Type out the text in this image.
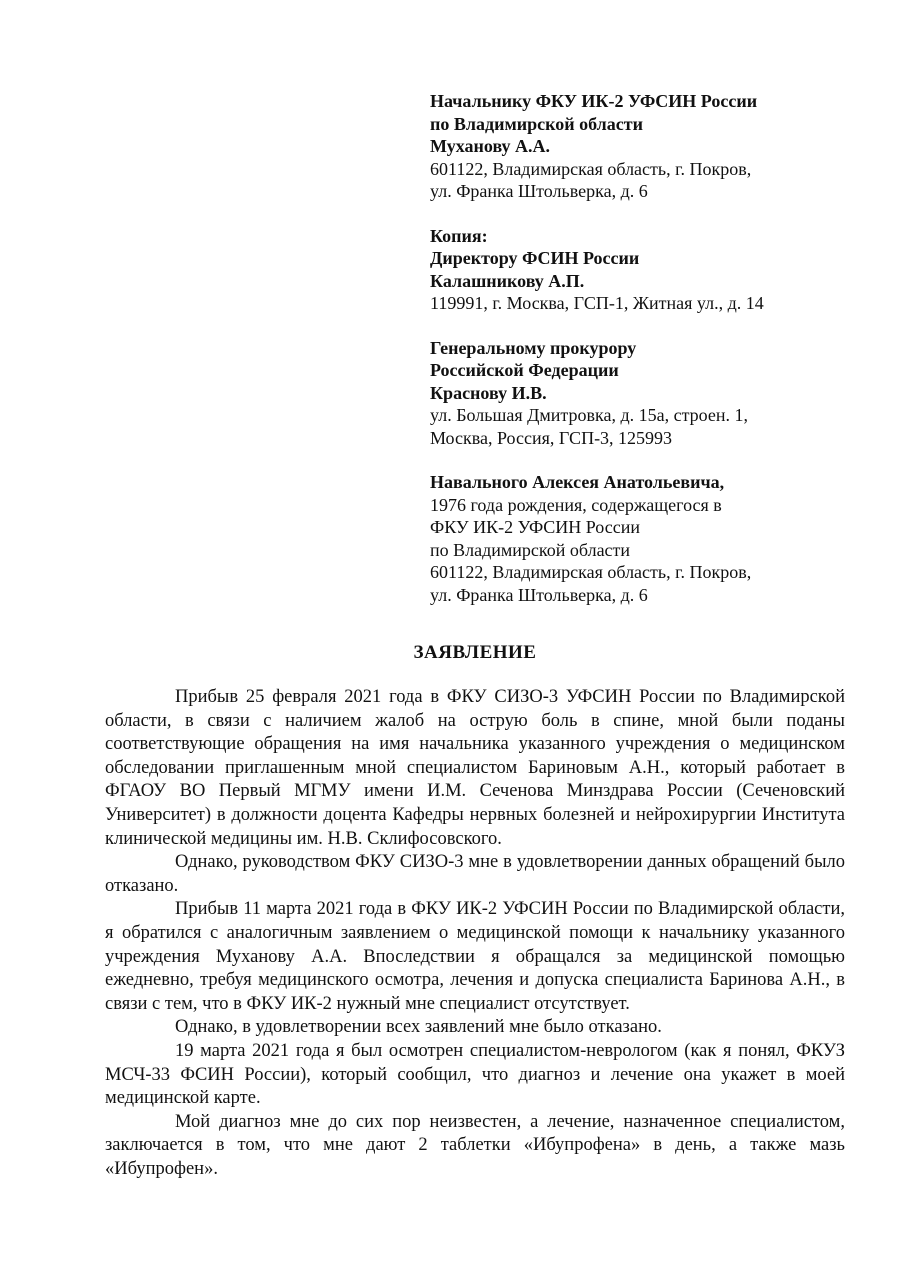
Начальнику ФКУ ИК-2 УФСИН России
по Владимирской области
Муханову А.А.
601122, Владимирская область, г. Покров,
ул. Франка Штольверка, д. 6
Копия:
Директору ФСИН России
Калашникову А.П.
119991, г. Москва, ГСП-1, Житная ул., д. 14
Генеральному прокурору
Российской Федерации
Краснову И.В.
ул. Большая Дмитровка, д. 15а, строен. 1,
Москва, Россия, ГСП-3, 125993
Навального Алексея Анатольевича,
1976 года рождения, содержащегося в
ФКУ ИК-2 УФСИН России
по Владимирской области
601122, Владимирская область, г. Покров,
ул. Франка Штольверка, д. 6
ЗАЯВЛЕНИЕ

Прибыв 25 февраля 2021 года в ФКУ СИЗО-3 УФСИН России по Владимирской области, в связи с наличием жалоб на острую боль в спине, мной были поданы соответствующие обращения на имя начальника указанного учреждения о медицинском обследовании приглашенным мной специалистом Бариновым А.Н., который работает в ФГАОУ ВО Первый МГМУ имени И.М. Сеченова Минздрава России (Сеченовский Университет) в должности доцента Кафедры нервных болезней и нейрохирургии Института клинической медицины им. Н.В. Склифосовского.

Однако, руководством ФКУ СИЗО-3 мне в удовлетворении данных обращений было отказано.

Прибыв 11 марта 2021 года в ФКУ ИК-2 УФСИН России по Владимирской области, я обратился с аналогичным заявлением о медицинской помощи к начальнику указанного учреждения Муханову А.А. Впоследствии я обращался за медицинской помощью ежедневно, требуя медицинского осмотра, лечения и допуска специалиста Баринова А.Н., в связи с тем, что в ФКУ ИК-2 нужный мне специалист отсутствует.

Однако, в удовлетворении всех заявлений мне было отказано.

19 марта 2021 года я был осмотрен специалистом-неврологом (как я понял, ФКУЗ МСЧ-33 ФСИН России), который сообщил, что диагноз и лечение она укажет в моей медицинской карте.

Мой диагноз мне до сих пор неизвестен, а лечение, назначенное специалистом, заключается в том, что мне дают 2 таблетки «Ибупрофена» в день, а также мазь «Ибупрофен».
